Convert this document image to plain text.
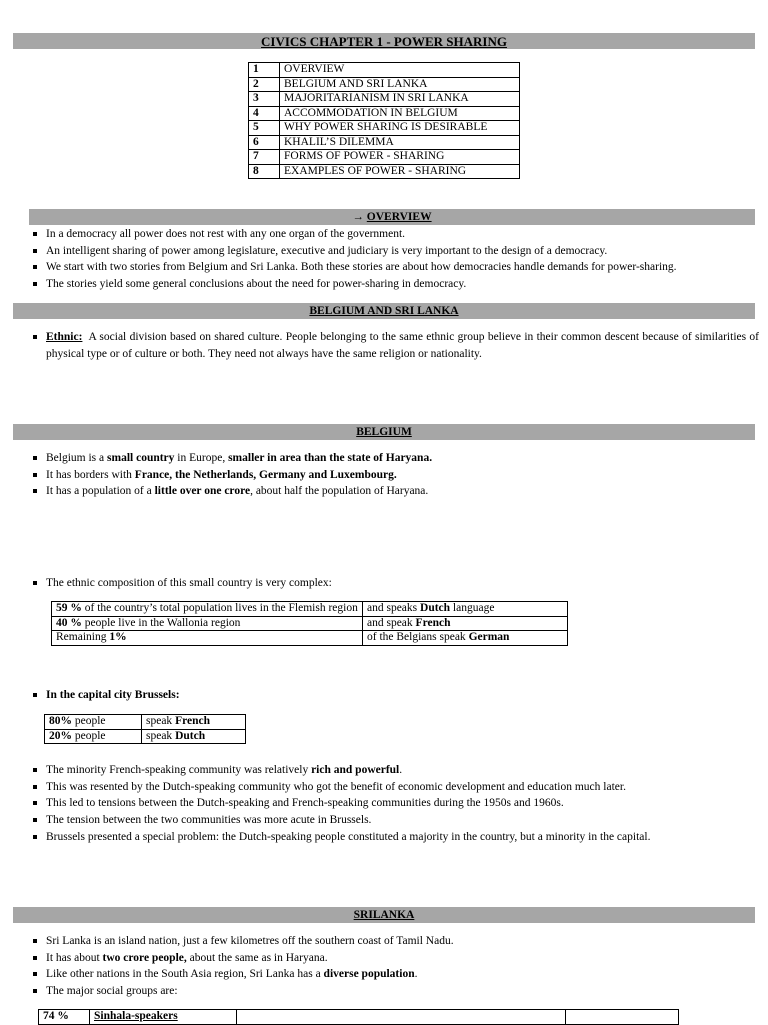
CIVICS CHAPTER 1 - POWER SHARING
1	OVERVIEW
2	BELGIUM AND SRI LANKA
3	MAJORITARIANISM IN SRI LANKA
4	ACCOMMODATION IN BELGIUM
5	WHY POWER SHARING IS DESIRABLE
6	KHALIL’S DILEMMA
7	FORMS OF POWER - SHARING
8	EXAMPLES OF POWER - SHARING
→ OVERVIEW
In a democracy all power does not rest with any one organ of the government.
An intelligent sharing of power among legislature, executive and judiciary is very important to the design of a democracy.
We start with two stories from Belgium and Sri Lanka. Both these stories are about how democracies handle demands for power-sharing.
The stories yield some general conclusions about the need for power-sharing in democracy.
BELGIUM AND SRI LANKA
Ethnic: A social division based on shared culture. People belonging to the same ethnic group believe in their common descent because of similarities of physical type or of culture or both. They need not always have the same religion or nationality.
BELGIUM
Belgium is a small country in Europe, smaller in area than the state of Haryana.
It has borders with France, the Netherlands, Germany and Luxembourg.
It has a population of a little over one crore, about half the population of Haryana.
The ethnic composition of this small country is very complex:
59 % of the country’s total population lives in the Flemish region	and speaks Dutch language
40 % people live in the Wallonia region	and speak French
Remaining 1%	of the Belgians speak German
In the capital city Brussels:
80% people	speak French
20% people	speak Dutch
The minority French-speaking community was relatively rich and powerful.
This was resented by the Dutch-speaking community who got the benefit of economic development and education much later.
This led to tensions between the Dutch-speaking and French-speaking communities during the 1950s and 1960s.
The tension between the two communities was more acute in Brussels.
Brussels presented a special problem: the Dutch-speaking people constituted a majority in the country, but a minority in the capital.
SRILANKA
Sri Lanka is an island nation, just a few kilometres off the southern coast of Tamil Nadu.
It has about two crore people, about the same as in Haryana.
Like other nations in the South Asia region, Sri Lanka has a diverse population.
The major social groups are:
74 %	Sinhala-speakers		
